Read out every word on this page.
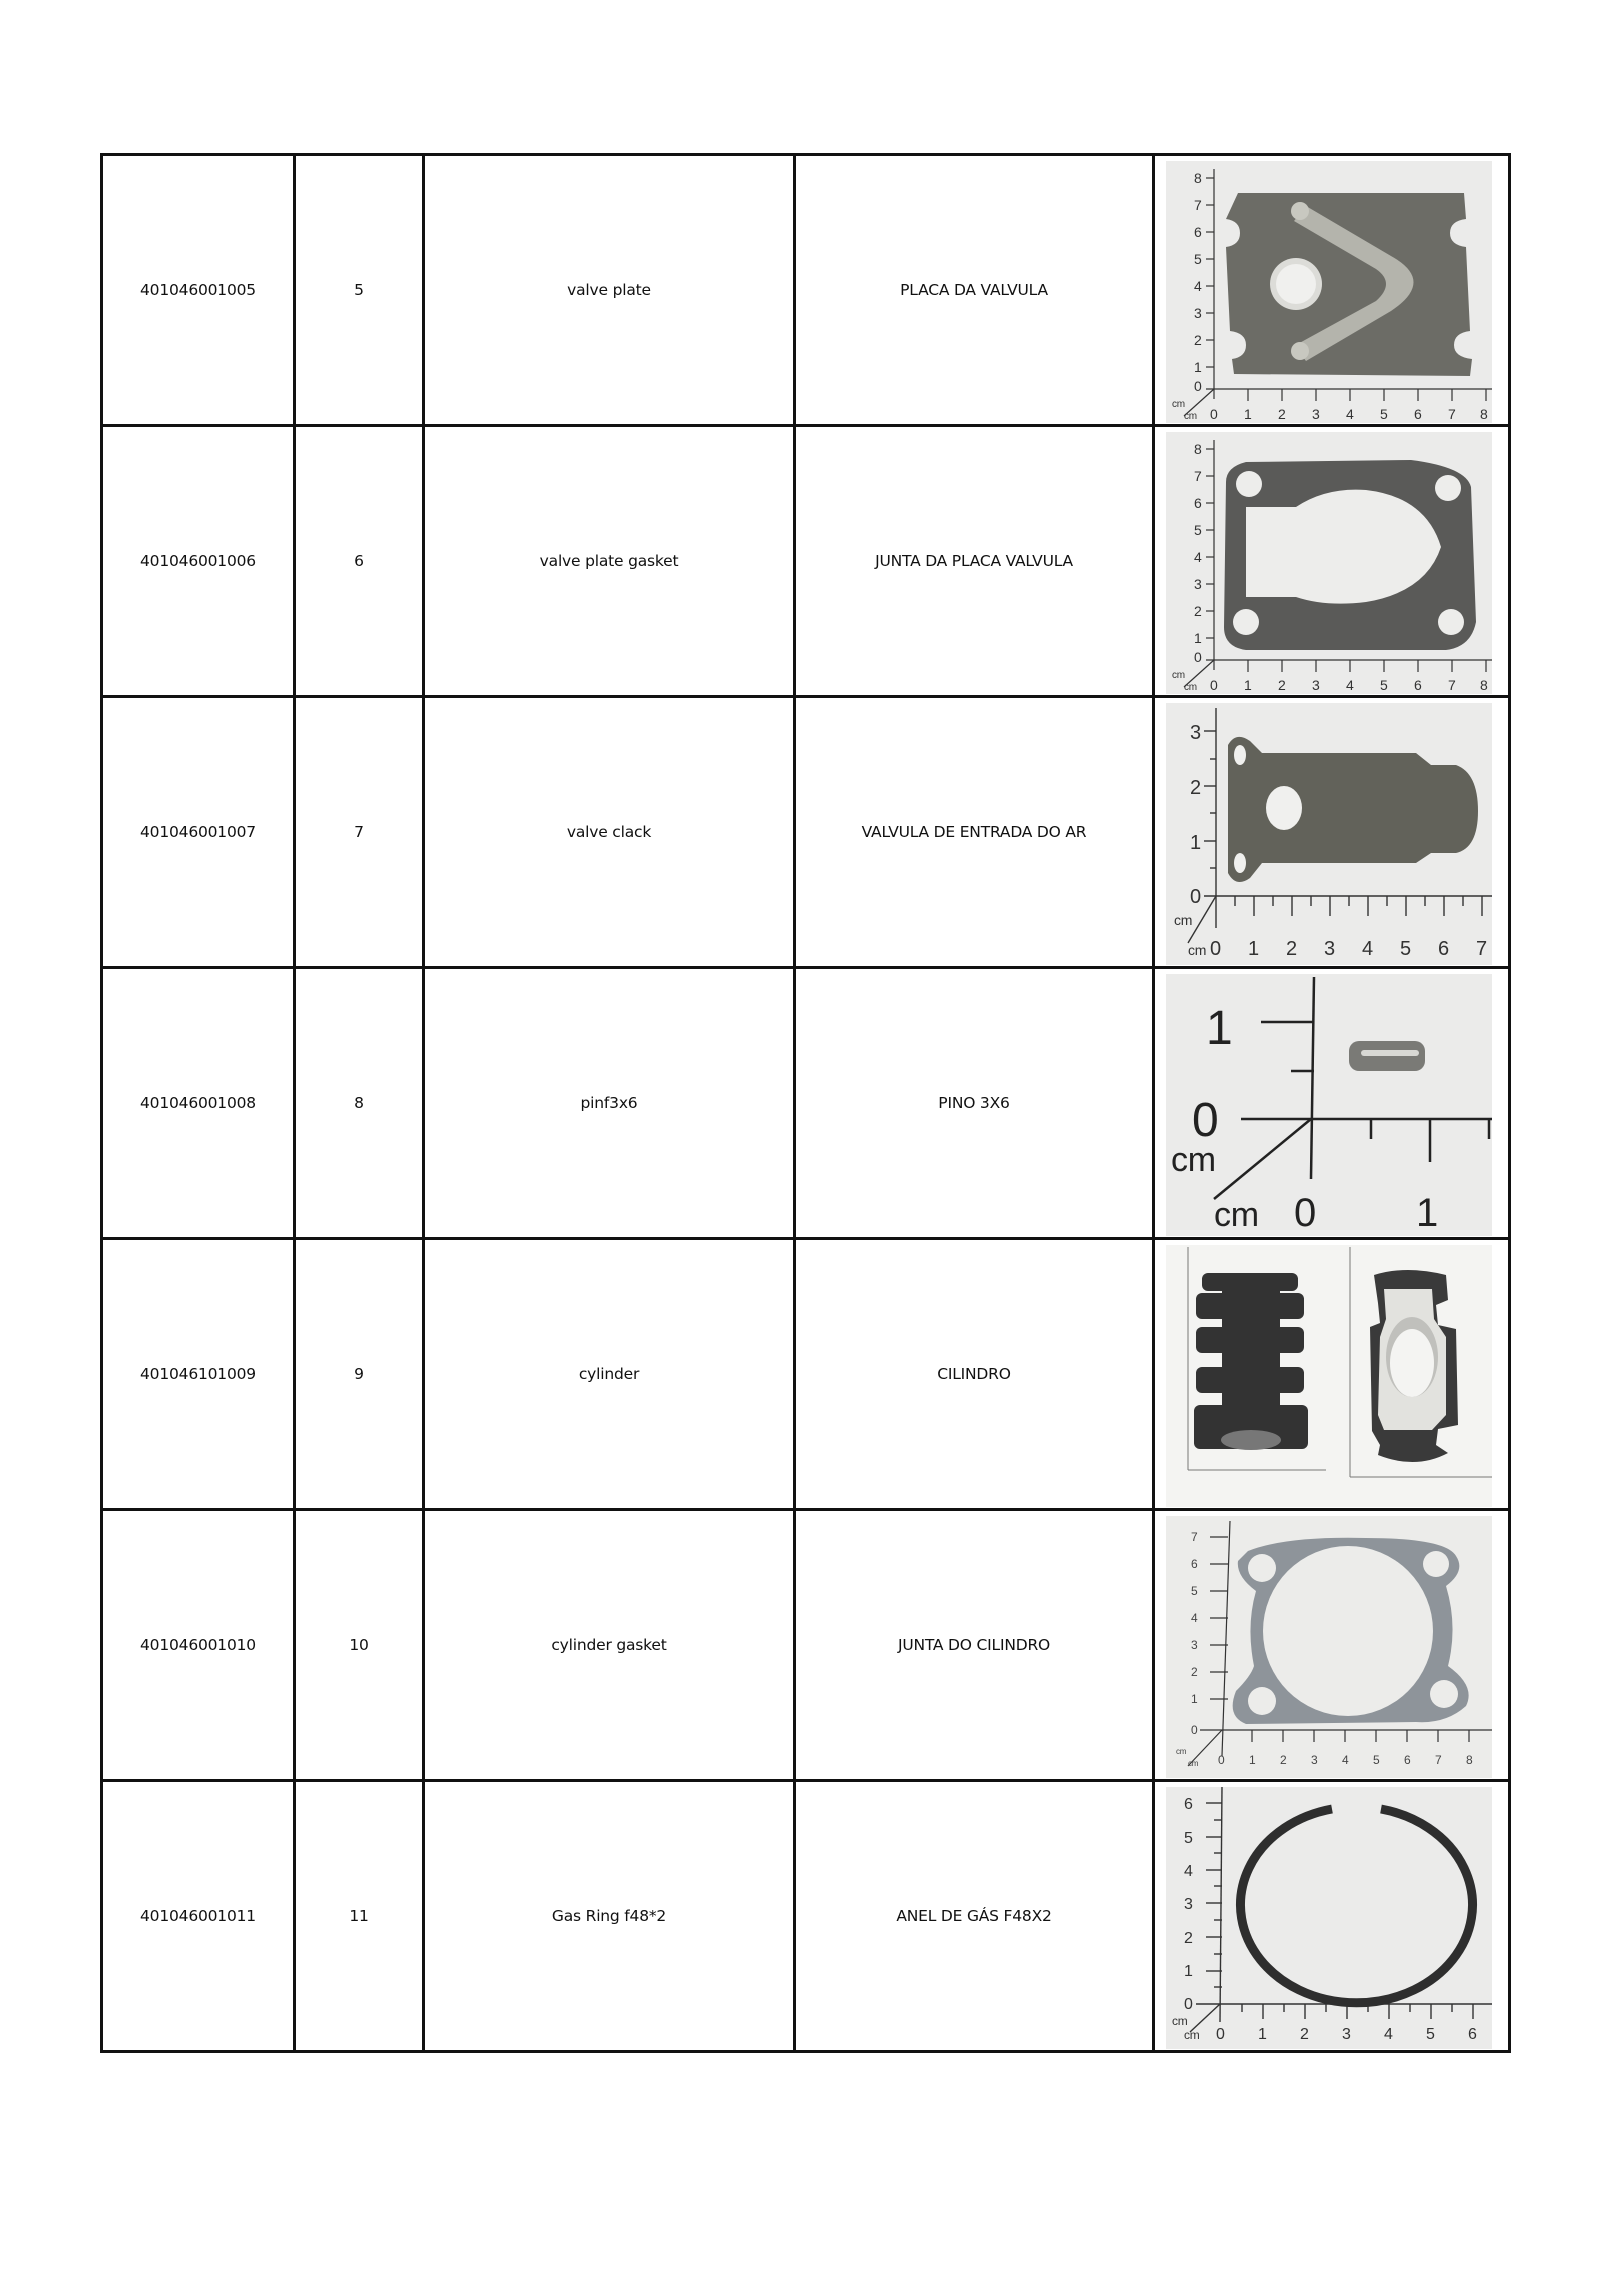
401046001005	5	valve plate	PLACA DA VALVULA	
8
7
6
5
4
3
2
1
0
cm
cm 0 1 2 3 4 5 6 7 8

401046001006	6	valve plate gasket	JUNTA DA PLACA VALVULA	
8
7
6
5
4
3
2
1
0
cm
cm 0 1 2 3 4 5 6 7 8

401046001007	7	valve clack	VALVULA DE ENTRADA DO AR	
3
2
1
0
cm
cm 0 1 2 3 4 5 6 7

401046001008	8	pinf3x6	PINO 3X6	
1
0
cm
cm 0 1

401046101009	9	cylinder	CILINDRO	

401046001010	10	cylinder gasket	JUNTA DO CILINDRO	
7
6
5
4
3
2
1
0
cm
cm 0 1 2 3 4 5 6 7 8

401046001011	11	Gas Ring f48*2	ANEL DE GÁS F48X2	
6
5
4
3
2
1
0
cm
cm 0 1 2 3 4 5 6
